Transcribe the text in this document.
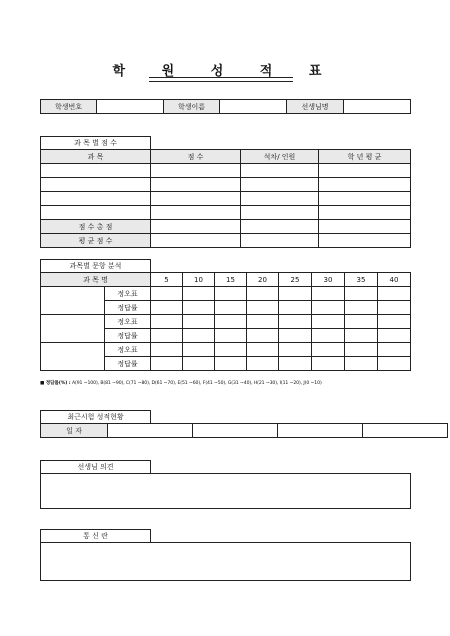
학 원 성 적 표
학생번호		학생이름		선생님명	
과 목 별 점 수
과 목	점 수	석차/ 인원	학 년 평 균

점 수 총 점			
평 균 점 수			
과목별 문항 분석
과 목 명		5	10	15	20	25	30	35	40
	정오표								
	정답률								
	정오표								
	정답률								
	정오표								
	정답률								
■ 정답률(%) : A(91 ~100), B(81 ~90), C(71 ~80), D(61 ~70), E(51 ~60), F(41 ~50), G(31 ~40), H(21 ~30), I(11 ~20), J(0 ~10)
최근시험 성적현황
일 자				
선생님 의견
통 신 란
